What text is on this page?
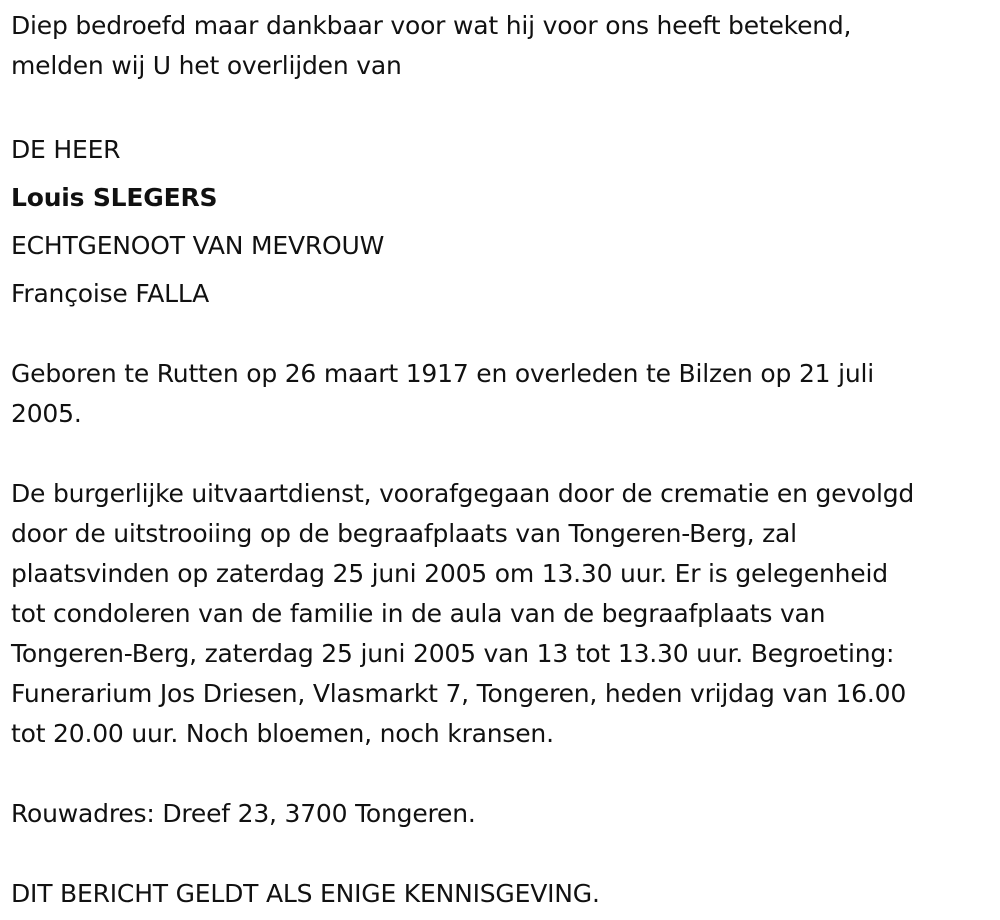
Diep bedroefd maar dankbaar voor wat hij voor ons heeft betekend,
melden wij U het overlijden van
DE HEER
Louis SLEGERS
ECHTGENOOT VAN MEVROUW
Françoise FALLA
Geboren te Rutten op 26 maart 1917 en overleden te Bilzen op 21 juli
2005.
De burgerlijke uitvaartdienst, voorafgegaan door de crematie en gevolgd
door de uitstrooiing op de begraafplaats van Tongeren-Berg, zal
plaatsvinden op zaterdag 25 juni 2005 om 13.30 uur. Er is gelegenheid
tot condoleren van de familie in de aula van de begraafplaats van
Tongeren-Berg, zaterdag 25 juni 2005 van 13 tot 13.30 uur. Begroeting:
Funerarium Jos Driesen, Vlasmarkt 7, Tongeren, heden vrijdag van 16.00
tot 20.00 uur. Noch bloemen, noch kransen.
Rouwadres: Dreef 23, 3700 Tongeren.
DIT BERICHT GELDT ALS ENIGE KENNISGEVING.
